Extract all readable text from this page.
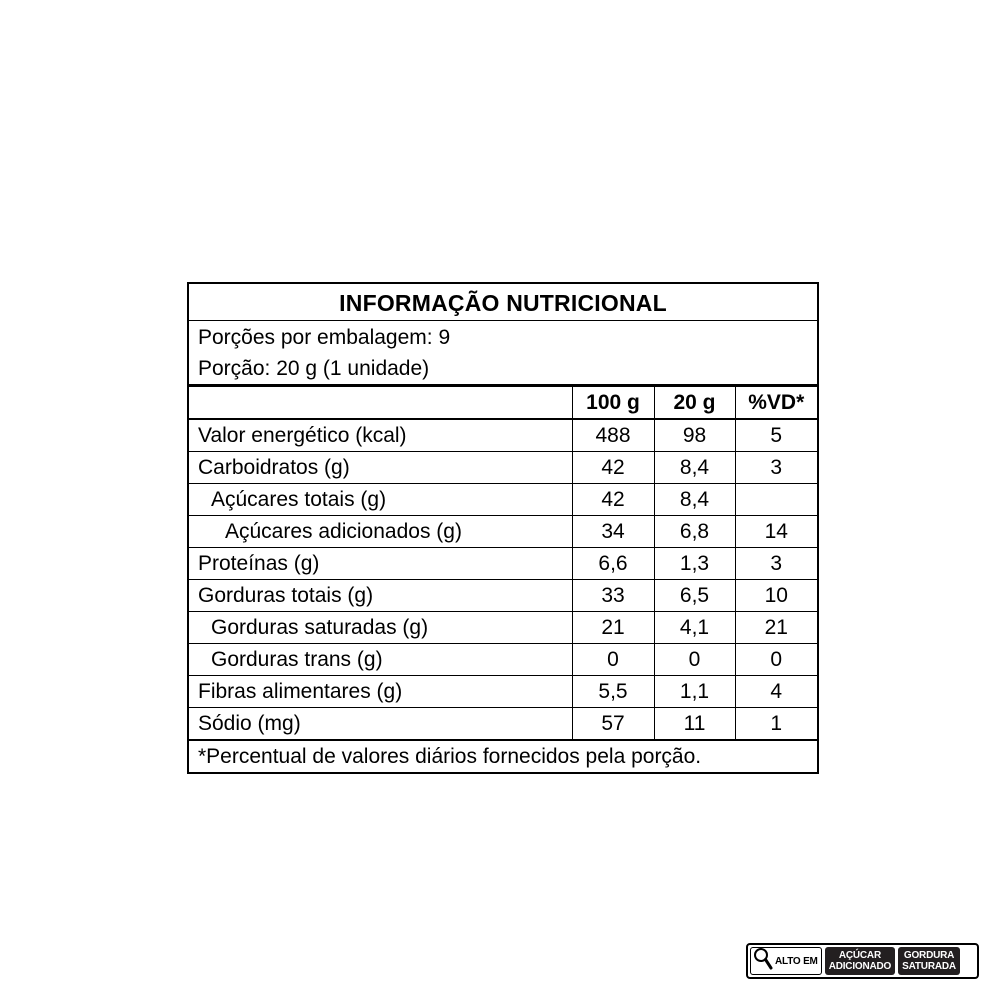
INFORMAÇÃO NUTRICIONAL
Porções por embalagem: 9
Porção: 20 g (1 unidade)
	100 g	20 g	%VD*
Valor energético (kcal)	488	98	5
Carboidratos (g)	42	8,4	3
Açúcares totais (g)	42	8,4	
Açúcares adicionados (g)	34	6,8	14
Proteínas (g)	6,6	1,3	3
Gorduras totais (g)	33	6,5	10
Gorduras saturadas (g)	21	4,1	21
Gorduras trans (g)	0	0	0
Fibras alimentares (g)	5,5	1,1	4
Sódio (mg)	57	11	1
*Percentual de valores diários fornecidos pela porção.
ALTO EM AÇÚCAR
ADICIONADO
GORDURA
SATURADA
